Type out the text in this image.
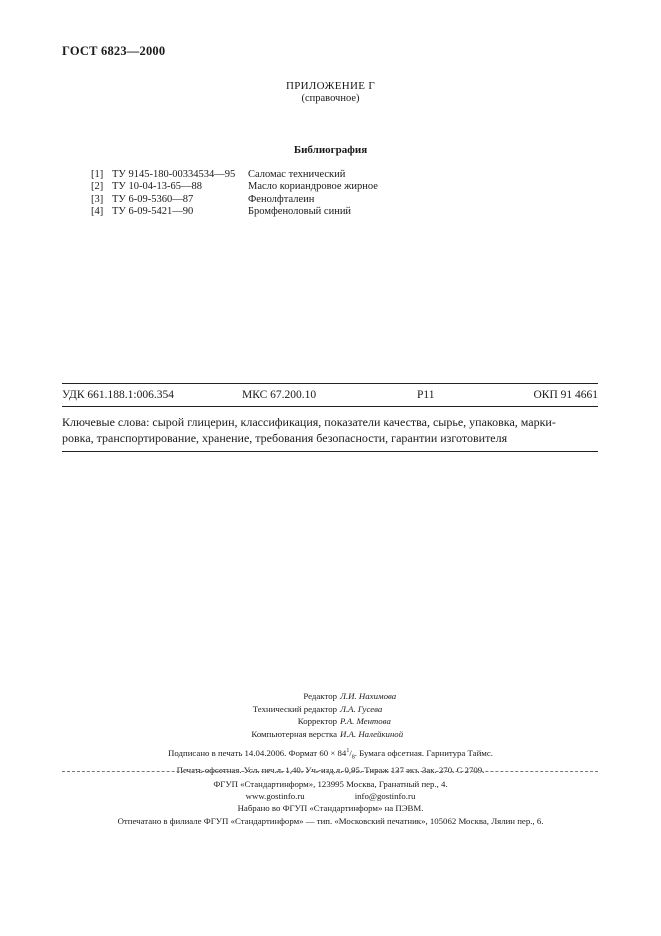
ГОСТ 6823—2000
ПРИЛОЖЕНИЕ Г
(справочное)
Библиография
[1] ТУ 9145-180-00334534—95	Саломас технический
[2] ТУ 10-04-13-65—88	Масло кориандровое жирное
[3] ТУ 6-09-5360—87	Фенолфталеин
[4] ТУ 6-09-5421—90	Бромфеноловый синий
УДК 661.188.1:006.354	МКС 67.200.10	Р11	ОКП 91 4661
Ключевые слова: сырой глицерин, классификация, показатели качества, сырье, упаковка, марки-
ровка, транспортирование, хранение, требования безопасности, гарантии изготовителя
Редактор Л.И. Нахимова
Технический редактор Л.А. Гусева
Корректор Р.А. Ментова
Компьютерная верстка И.А. Налейкиной
Подписано в печать 14.04.2006. Формат $60 \times 84^1/_8$. Бумага офсетная. Гарнитура Таймс.
Печать офсетная. Усл. печ.л. 1,40. Уч.-изд.л. 0,95. Тираж 137 экз. Зак. 270. С 2709.
ФГУП «Стандартинформ», 123995 Москва, Гранатный пер., 4.
www.gostinfo.ru	info@gostinfo.ru
Набрано во ФГУП «Стандартинформ» на ПЭВМ.
Отпечатано в филиале ФГУП «Стандартинформ» — тип. «Московский печатник», 105062 Москва, Лялин пер., 6.
